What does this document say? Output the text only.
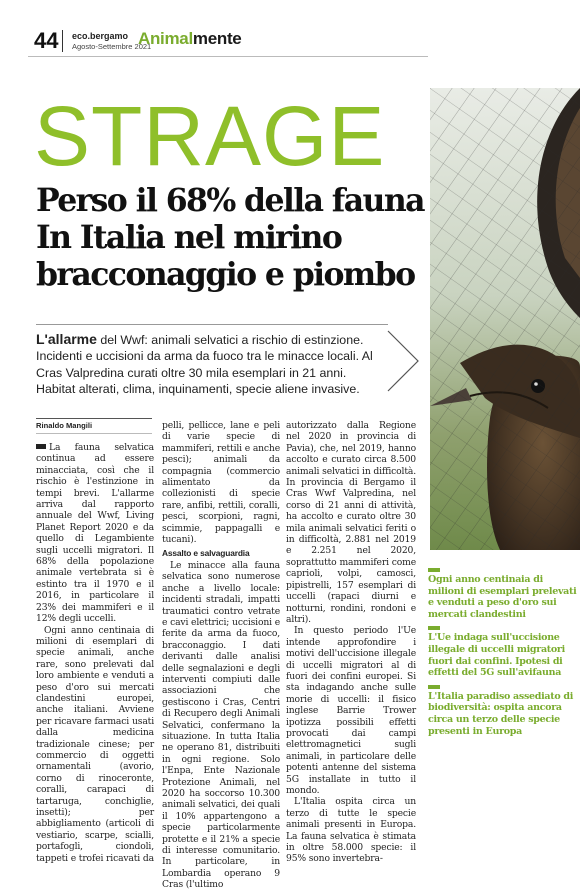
44 eco.bergamo
Agosto-Settembre 2021
Animalmente
STRAGE
Perso il 68% della fauna
In Italia nel mirino
bracconaggio e piombo
L'allarme del Wwf: animali selvatici a rischio di estinzione. Incidenti e uccisioni da arma da fuoco tra le minacce locali. Al Cras Valpredina curati oltre 30 mila esemplari in 21 anni. Habitat alterati, clima, inquinamenti, specie aliene invasive.
Rinaldo Mangili

La fauna selvatica continua ad essere minacciata, così che il rischio è l'estinzione in tempi brevi. L'allarme arriva dal rapporto annuale del Wwf, Living Planet Report 2020 e da quello di Legambiente sugli uccelli migratori. Il 68% della popolazione animale vertebrata si è estinto tra il 1970 e il 2016, in particolare il 23% dei mammiferi e il 12% degli uccelli.

Ogni anno centinaia di milioni di esemplari di specie animali, anche rare, sono prelevati dal loro ambiente e venduti a peso d'oro sui mercati clandestini europei, anche italiani. Avviene per ricavare farmaci usati dalla medicina tradizionale cinese; per commercio di oggetti ornamentali (avorio, corno di rinoceronte, coralli, carapaci di tartaruga, conchiglie, insetti); per abbigliamento (articoli di vestiario, scarpe, scialli, portafogli, ciondoli, tappeti e trofei ricavati da

pelli, pellicce, lane e peli di varie specie di mammiferi, rettili e anche pesci); animali da compagnia (commercio alimentato da collezionisti di specie rare, anfibi, rettili, coralli, pesci, scorpioni, ragni, scimmie, pappagalli e tucani).

Assalto e salvaguardia

Le minacce alla fauna selvatica sono numerose anche a livello locale: incidenti stradali, impatti traumatici contro vetrate e cavi elettrici; uccisioni e ferite da arma da fuoco, bracconaggio. I dati derivanti dalle analisi delle segnalazioni e degli interventi compiuti dalle associazioni che gestiscono i Cras, Centri di Recupero degli Animali Selvatici, confermano la situazione. In tutta Italia ne operano 81, distribuiti in ogni regione. Solo l'Enpa, Ente Nazionale Protezione Animali, nel 2020 ha soccorso 10.300 animali selvatici, dei quali il 10% appartengono a specie particolarmente protette e il 21% a specie di interesse comunitario. In particolare, in Lombardia operano 9 Cras (l'ultimo

autorizzato dalla Regione nel 2020 in provincia di Pavia), che, nel 2019, hanno accolto e curato circa 8.500 animali selvatici in difficoltà. In provincia di Bergamo il Cras Wwf Valpredina, nel corso di 21 anni di attività, ha accolto e curato oltre 30 mila animali selvatici feriti o in difficoltà, 2.881 nel 2019 e 2.251 nel 2020, soprattutto mammiferi come caprioli, volpi, camosci, pipistrelli, 157 esemplari di uccelli (rapaci diurni e notturni, rondini, rondoni e altri).

In questo periodo l'Ue intende approfondire i motivi dell'uccisione illegale di uccelli migratori al di fuori dei confini europei. Si sta indagando anche sulle morie di uccelli: il fisico inglese Barrie Trower ipotizza possibili effetti provocati dai campi elettromagnetici sugli animali, in particolare delle potenti antenne del sistema 5G installate in tutto il mondo.

L'Italia ospita circa un terzo di tutte le specie animali presenti in Europa. La fauna selvatica è stimata in oltre 58.000 specie: il 95% sono invertebra-

Ogni anno centinaia di milioni di esemplari prelevati e venduti a peso d'oro sui mercati clandestini
L'Ue indaga sull'uccisione illegale di uccelli migratori fuori dai confini. Ipotesi di effetti del 5G sull'avifauna
L'Italia paradiso assediato di biodiversità: ospita ancora circa un terzo delle specie presenti in Europa
